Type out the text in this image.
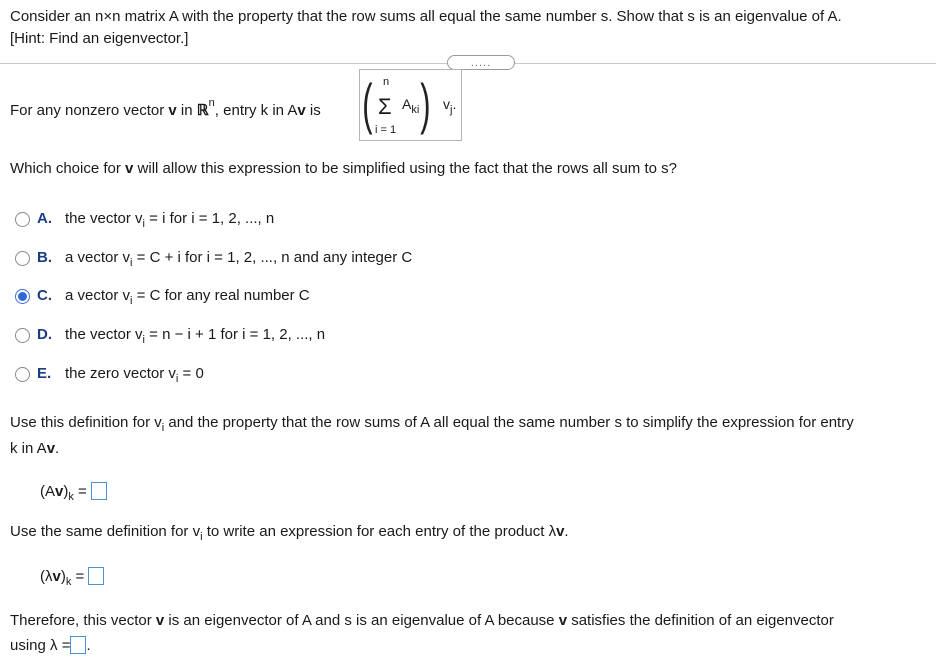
Consider an n×n matrix A with the property that the row sums all equal the same number s. Show that s is an eigenvalue of A.
[Hint: Find an eigenvector.]
.....
For any nonzero vector v in ℝ$^n$, entry k in Av is ( n
Σ
i = 1
$A_{ki}$ ) $v_j$.
Which choice for v will allow this expression to be simplified using the fact that the rows all sum to s?
A. the vector $v_i = i$ for i = 1, 2, ..., n
B. a vector $v_i = C + i$ for i = 1, 2, ..., n and any integer C
C. a vector $v_i = C$ for any real number C
D. the vector $v_i = n - i + 1$ for i = 1, 2, ..., n
E. the zero vector $v_i = 0$
Use this definition for $v_i$ and the property that the row sums of A all equal the same number s to simplify the expression for entry
k in Av.
$(Av)_k$ =
Use the same definition for $v_i$ to write an expression for each entry of the product λv.
$(\lambda v)_k$ =
Therefore, this vector v is an eigenvector of A and s is an eigenvalue of A because v satisfies the definition of an eigenvector
using λ = .
